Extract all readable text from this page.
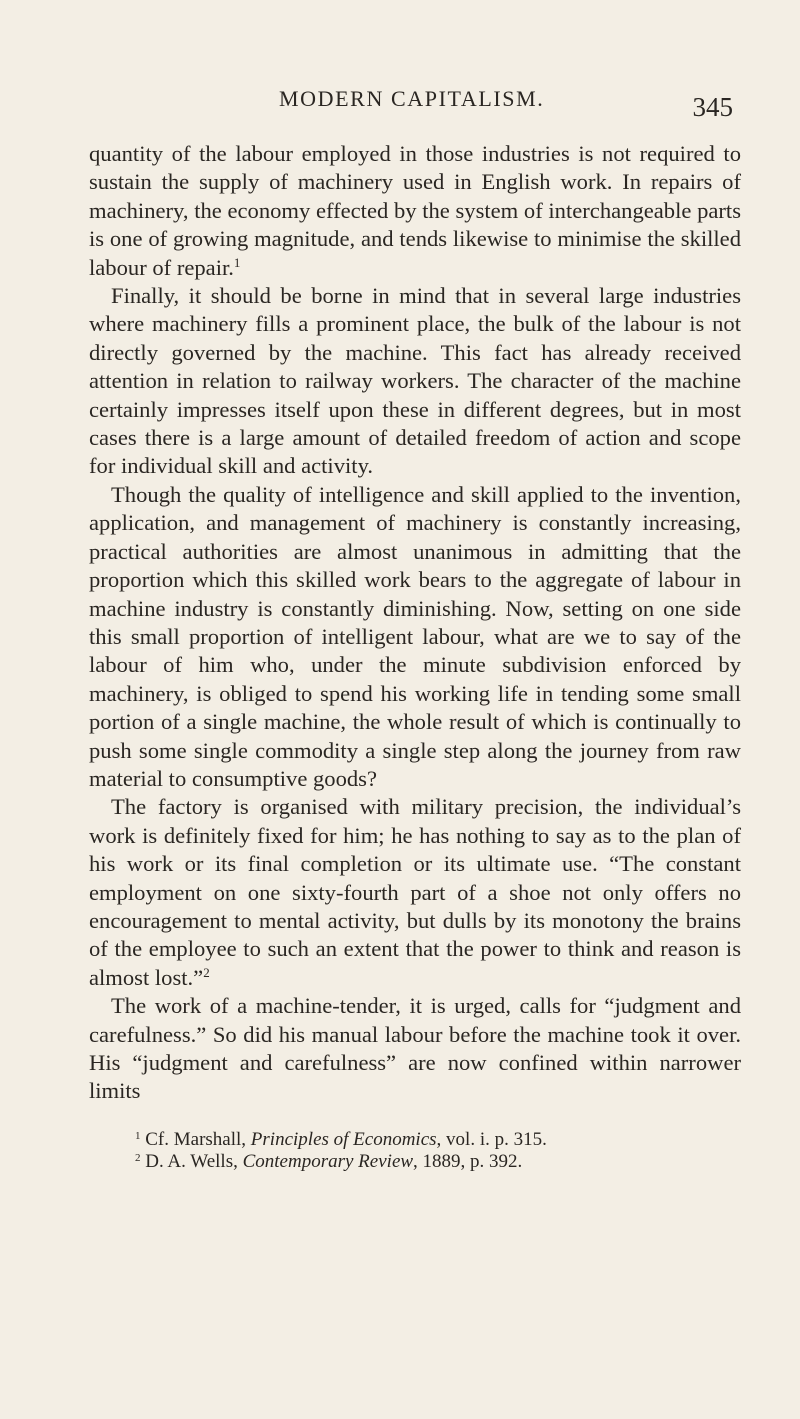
MODERN CAPITALISM.	345

quantity of the labour employed in those industries is not required to sustain the supply of machinery used in English work. In repairs of machinery, the economy effected by the system of interchangeable parts is one of growing magnitude, and tends likewise to minimise the skilled labour of repair.$^1$

Finally, it should be borne in mind that in several large industries where machinery fills a prominent place, the bulk of the labour is not directly governed by the machine. This fact has already received attention in relation to railway workers. The character of the machine certainly impresses itself upon these in different degrees, but in most cases there is a large amount of detailed freedom of action and scope for individual skill and activity.

Though the quality of intelligence and skill applied to the invention, application, and management of machinery is constantly increasing, practical authorities are almost unanimous in admitting that the proportion which this skilled work bears to the aggregate of labour in machine industry is constantly diminishing. Now, setting on one side this small proportion of intelligent labour, what are we to say of the labour of him who, under the minute subdivision enforced by machinery, is obliged to spend his working life in tending some small portion of a single machine, the whole result of which is continually to push some single commodity a single step along the journey from raw material to consumptive goods?

The factory is organised with military precision, the individual’s work is definitely fixed for him; he has nothing to say as to the plan of his work or its final completion or its ultimate use. “The constant employment on one sixty-fourth part of a shoe not only offers no encouragement to mental activity, but dulls by its monotony the brains of the employee to such an extent that the power to think and reason is almost lost.”$^2$

The work of a machine-tender, it is urged, calls for “judgment and carefulness.” So did his manual labour before the machine took it over. His “judgment and carefulness” are now confined within narrower limits

$^1$ Cf. Marshall, Principles of Economics, vol. i. p. 315.
$^2$ D. A. Wells, Contemporary Review, 1889, p. 392.
